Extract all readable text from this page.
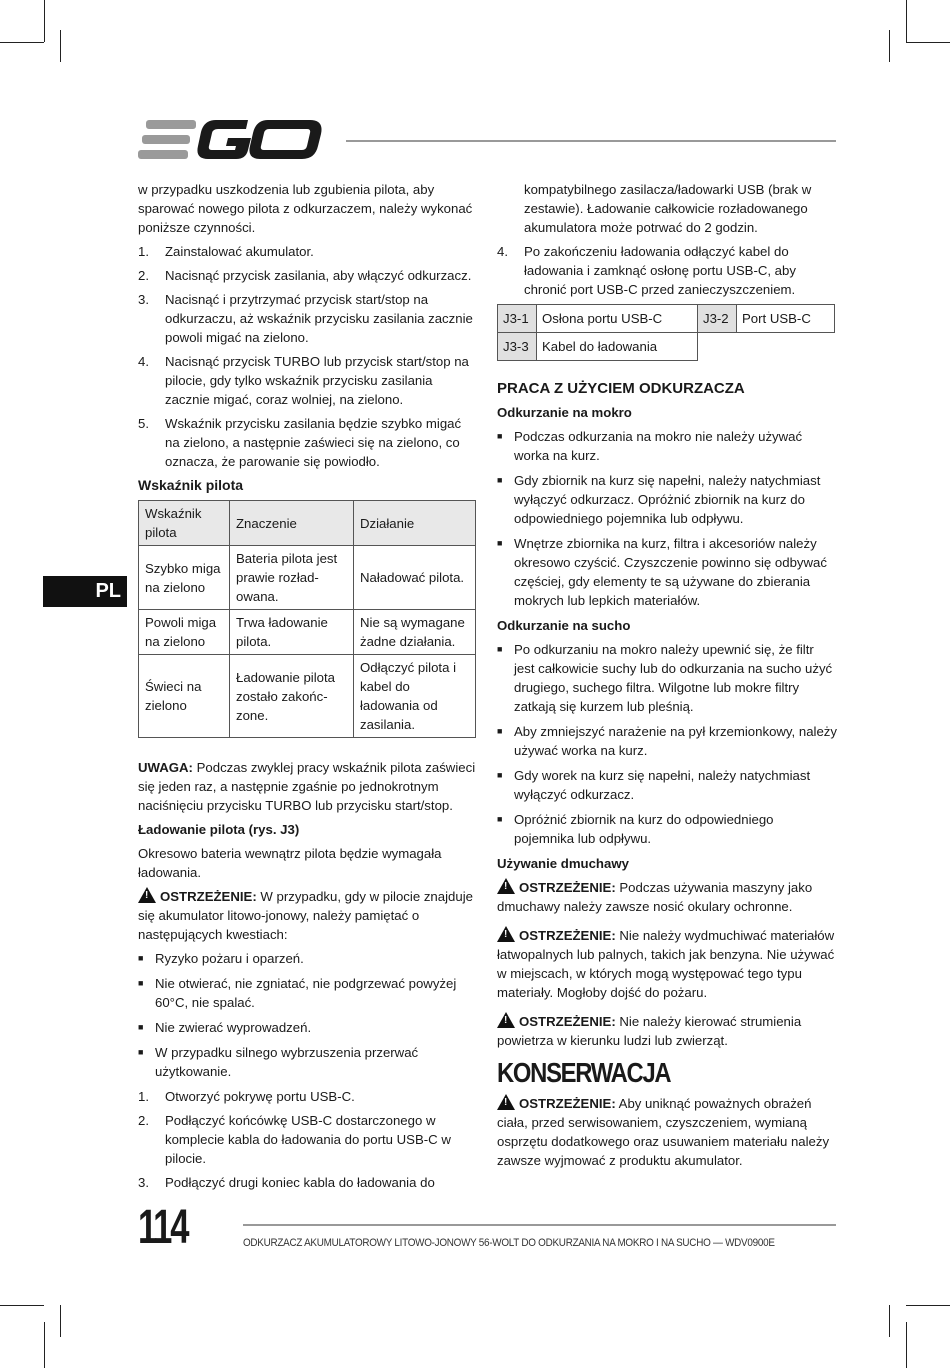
PL

w przypadku uszkodzenia lub zgubienia pilota, aby sparować nowego pilota z odkurzaczem, należy wykonać poniższe czynności.

1.	Zainstalować akumulator.
2.	Nacisnąć przycisk zasilania, aby włączyć odkurzacz.
3.	Nacisnąć i przytrzymać przycisk start/stop na odkurzaczu, aż wskaźnik przycisku zasilania zacznie powoli migać na zielono.
4.	Nacisnąć przycisk TURBO lub przycisk start/stop na pilocie, gdy tylko wskaźnik przycisku zasilania zacznie migać, coraz wolniej, na zielono.
5.	Wskaźnik przycisku zasilania będzie szybko migać na zielono, a następnie zaświeci się na zielono, co oznacza, że parowanie się powiodło.
Wskaźnik pilota
Wskaźnik pilota	Znaczenie	Działanie
Szybko miga na zielono	Bateria pilota jest prawie rozład-owana.	Naładować pilota.
Powoli miga na zielono	Trwa ładowanie pilota.	Nie są wymagane żadne działania.
Świeci na zielono	Ładowanie pilota zostało zakońc-zone.	Odłączyć pilota i kabel do ładowania od zasilania.

UWAGA: Podczas zwyklej pracy wskaźnik pilota zaświeci się jeden raz, a następnie zgaśnie po jednokrotnym naciśnięciu przycisku TURBO lub przycisku start/stop.

Ładowanie pilota (rys. J3)

Okresowo bateria wewnątrz pilota będzie wymagała ładowania.

!OSTRZEŻENIE: W przypadku, gdy w pilocie znajduje się akumulator litowo-jonowy, należy pamiętać o następujących kwestiach:

■ Ryzyko pożaru i oparzeń.
■ Nie otwierać, nie zgniatać, nie podgrzewać powyżej 60°C, nie spalać.
■ Nie zwierać wyprowadzeń.
■ W przypadku silnego wybrzuszenia przerwać użytkowanie.
1.	Otworzyć pokrywę portu USB-C.
2.	Podłączyć końcówkę USB-C dostarczonego w komplecie kabla do ładowania do portu USB-C w pilocie.
3.	Podłączyć drugi koniec kabla do ładowania do

kompatybilnego zasilacza/ładowarki USB (brak w zestawie). Ładowanie całkowicie rozładowanego akumulatora może potrwać do 2 godzin.

4.	Po zakończeniu ładowania odłączyć kabel do ładowania i zamknąć osłonę portu USB-C, aby chronić port USB-C przed zanieczyszczeniem.
J3-1	Osłona portu USB-C	J3-2	Port USB-C
J3-3	Kabel do ładowania		
PRACA Z UŻYCIEM ODKURZACZA
Odkurzanie na mokro
■ Podczas odkurzania na mokro nie należy używać worka na kurz.
■ Gdy zbiornik na kurz się napełni, należy natychmiast wyłączyć odkurzacz. Opróżnić zbiornik na kurz do odpowiedniego pojemnika lub odpływu.
■ Wnętrze zbiornika na kurz, filtra i akcesoriów należy okresowo czyścić. Czyszczenie powinno się odbywać częściej, gdy elementy te są używane do zbierania mokrych lub lepkich materiałów.
Odkurzanie na sucho
■ Po odkurzaniu na mokro należy upewnić się, że filtr jest całkowicie suchy lub do odkurzania na sucho użyć drugiego, suchego filtra. Wilgotne lub mokre filtry zatkają się kurzem lub pleśnią.
■ Aby zmniejszyć narażenie na pył krzemionkowy, należy używać worka na kurz.
■ Gdy worek na kurz się napełni, należy natychmiast wyłączyć odkurzacz.
■ Opróżnić zbiornik na kurz do odpowiedniego pojemnika lub odpływu.
Używanie dmuchawy

!OSTRZEŻENIE: Podczas używania maszyny jako dmuchawy należy zawsze nosić okulary ochronne.

!OSTRZEŻENIE: Nie należy wydmuchiwać materiałów łatwopalnych lub palnych, takich jak benzyna. Nie używać w miejscach, w których mogą występować tego typu materiały. Mogłoby dojść do pożaru.

!OSTRZEŻENIE: Nie należy kierować strumienia powietrza w kierunku ludzi lub zwierząt.

KONSERWACJA

!OSTRZEŻENIE: Aby uniknąć poważnych obrażeń ciała, przed serwisowaniem, czyszczeniem, wymianą osprzętu dodatkowego oraz usuwaniem materiału należy zawsze wyjmować z produktu akumulator.

114	ODKURZACZ AKUMULATOROWY LITOWO-JONOWY 56-WOLT DO ODKURZANIA NA MOKRO I NA SUCHO — WDV0900E
